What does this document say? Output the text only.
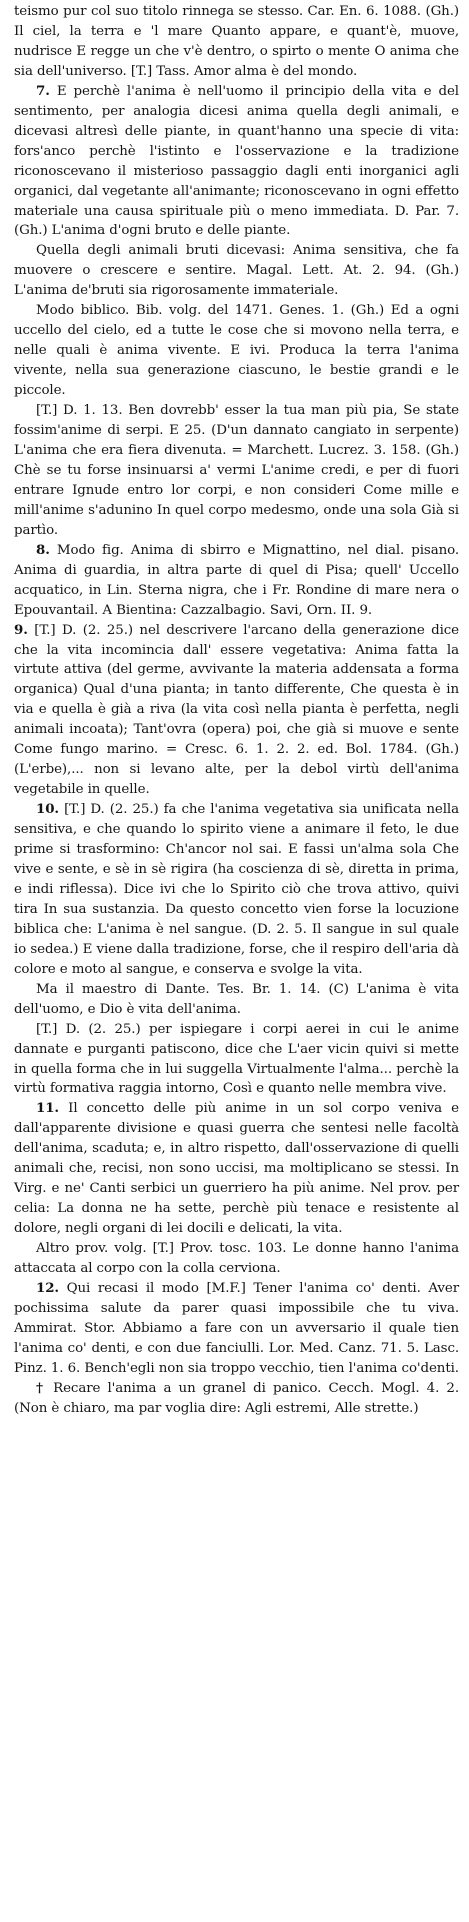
teismo pur col suo titolo rinnega se stesso. Car. En. 6. 1088. (Gh.) Il ciel, la terra e 'l mare Quanto appare, e quant'è, muove, nudrisce E regge un che v'è dentro, o spirto o mente O anima che sia dell'universo. [T.] Tass. Amor alma è del mondo.

7. E perchè l'anima è nell'uomo il principio della vita e del sentimento, per analogia dicesi anima quella degli animali, e dicevasi altresì delle piante, in quant'hanno una specie di vita: fors'anco perchè l'istinto e l'osservazione e la tradizione riconoscevano il misterioso passaggio dagli enti inorganici agli organici, dal vegetante all'animante; riconoscevano in ogni effetto materiale una causa spirituale più o meno immediata. D. Par. 7. (Gh.) L'anima d'ogni bruto e delle piante.

Quella degli animali bruti dicevasi: Anima sensitiva, che fa muovere o crescere e sentire. Magal. Lett. At. 2. 94. (Gh.) L'anima de'bruti sia rigorosamente immateriale.

Modo biblico. Bib. volg. del 1471. Genes. 1. (Gh.) Ed a ogni uccello del cielo, ed a tutte le cose che si movono nella terra, e nelle quali è anima vivente. E ivi. Produca la terra l'anima vivente, nella sua generazione ciascuno, le bestie grandi e le piccole.

[T.] D. 1. 13. Ben dovrebb' esser la tua man più pia, Se state fossim'anime di serpi. E 25. (D'un dannato cangiato in serpente) L'anima che era fiera divenuta. = Marchett. Lucrez. 3. 158. (Gh.) Chè se tu forse insinuarsi a' vermi L'anime credi, e per di fuori entrare Ignude entro lor corpi, e non consideri Come mille e mill'anime s'adunino In quel corpo medesmo, onde una sola Già si partìo.

8. Modo fig. Anima di sbirro e Mignattino, nel dial. pisano. Anima di guardia, in altra parte di quel di Pisa; quell' Uccello acquatico, in Lin. Sterna nigra, che i Fr. Rondine di mare nera o Epouvantail. A Bientina: Cazzalbagio. Savi, Orn. II. 9.

9. [T.] D. (2. 25.) nel descrivere l'arcano della generazione dice che la vita incomincia dall' essere vegetativa: Anima fatta la virtute attiva (del germe, avvivante la materia addensata a forma organica) Qual d'una pianta; in tanto differente, Che questa è in via e quella è già a riva (la vita così nella pianta è perfetta, negli animali incoata); Tant'ovra (opera) poi, che già si muove e sente Come fungo marino. = Cresc. 6. 1. 2. 2. ed. Bol. 1784. (Gh.) (L'erbe),... non si levano alte, per la debol virtù dell'anima vegetabile in quelle.

10. [T.] D. (2. 25.) fa che l'anima vegetativa sia unificata nella sensitiva, e che quando lo spirito viene a animare il feto, le due prime si trasformino: Ch'ancor nol sai. E fassi un'alma sola Che vive e sente, e sè in sè rigira (ha coscienza di sè, diretta in prima, e indi riflessa). Dice ivi che lo Spirito ciò che trova attivo, quivi tira In sua sustanzia. Da questo concetto vien forse la locuzione biblica che: L'anima è nel sangue. (D. 2. 5. Il sangue in sul quale io sedea.) E viene dalla tradizione, forse, che il respiro dell'aria dà colore e moto al sangue, e conserva e svolge la vita.

Ma il maestro di Dante. Tes. Br. 1. 14. (C) L'anima è vita dell'uomo, e Dio è vita dell'anima.

[T.] D. (2. 25.) per ispiegare i corpi aerei in cui le anime dannate e purganti patiscono, dice che L'aer vicin quivi si mette in quella forma che in lui suggella Virtualmente l'alma... perchè la virtù formativa raggia intorno, Così e quanto nelle membra vive.

11. Il concetto delle più anime in un sol corpo veniva e dall'apparente divisione e quasi guerra che sentesi nelle facoltà dell'anima, scaduta; e, in altro rispetto, dall'osservazione di quelli animali che, recisi, non sono uccisi, ma moltiplicano se stessi. In Virg. e ne' Canti serbici un guerriero ha più anime. Nel prov. per celia: La donna ne ha sette, perchè più tenace e resistente al dolore, negli organi di lei docili e delicati, la vita.

Altro prov. volg. [T.] Prov. tosc. 103. Le donne hanno l'anima attaccata al corpo con la colla cerviona.

12. Qui recasi il modo [M.F.] Tener l'anima co' denti. Aver pochissima salute da parer quasi impossibile che tu viva. Ammirat. Stor. Abbiamo a fare con un avversario il quale tien l'anima co' denti, e con due fanciulli. Lor. Med. Canz. 71. 5. Lasc. Pinz. 1. 6. Bench'egli non sia troppo vecchio, tien l'anima co'denti.

† Recare l'anima a un granel di panico. Cecch. Mogl. 4. 2. (Non è chiaro, ma par voglia dire: Agli estremi, Alle strette.)
